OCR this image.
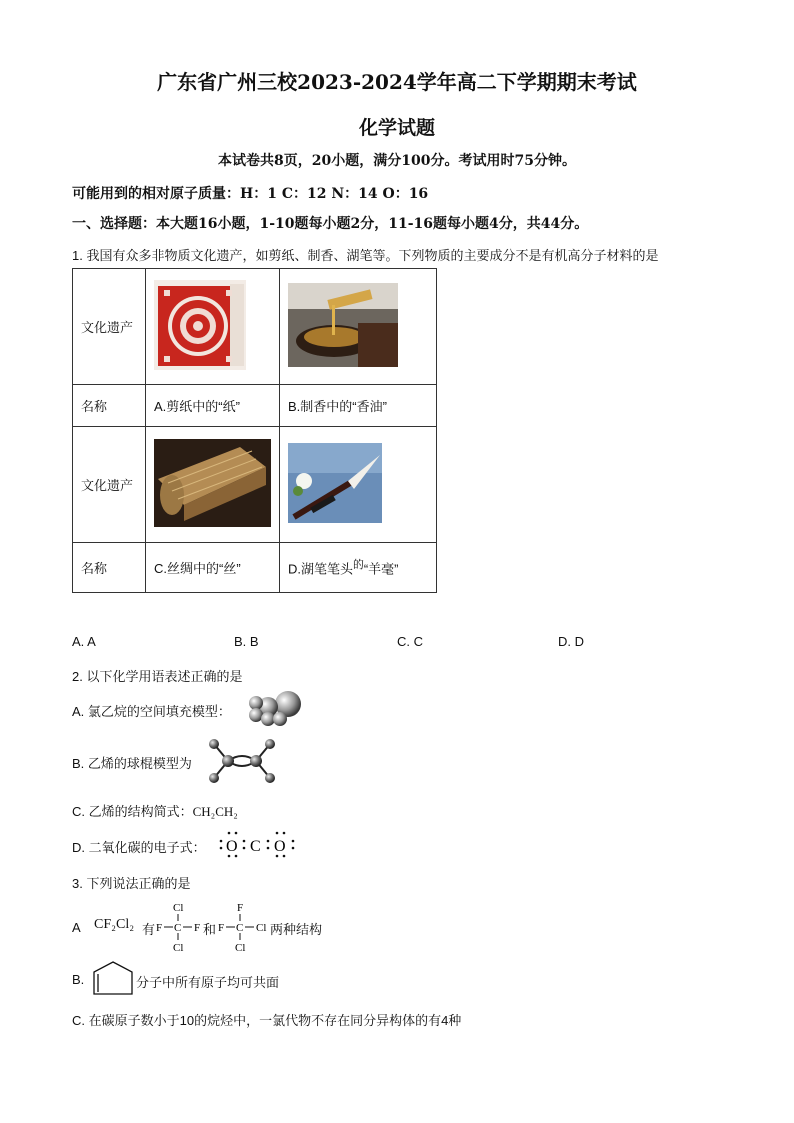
广东省广州三校2023-2024学年高二下学期期末考试
化学试题
本试卷共8页，20小题，满分100分。考试用时75分钟。
可能用到的相对原子质量：H：1 C：12 N：14 O：16
一、选择题：本大题16小题，1-10题每小题2分，11-16题每小题4分，共44分。
1. 我国有众多非物质文化遗产，如剪纸、制香、湖笔等。下列物质的主要成分不是有机高分子材料的是
文化遗产		
名称	A.剪纸中的“纸”	B.制香中的“香油”
文化遗产		
名称	C.丝绸中的“丝”	D.湖笔笔头$^的$“羊毫”
A. A	B. B	C. C	D. D
2. 以下化学用语表述正确的是
A. 氯乙烷的空间填充模型：
B. 乙烯的球棍模型为
C. 乙烯的结构简式：CH₂CH₂
D. 二氧化碳的电子式： O C O
3. 下列说法正确的是
A CF₂Cl₂ 有
Cl
F C F
Cl
和
F
F C Cl
Cl
两种结构
B.	分子中所有原子均可共面
C. 在碳原子数小于10的烷烃中，一氯代物不存在同分异构体的有4种
